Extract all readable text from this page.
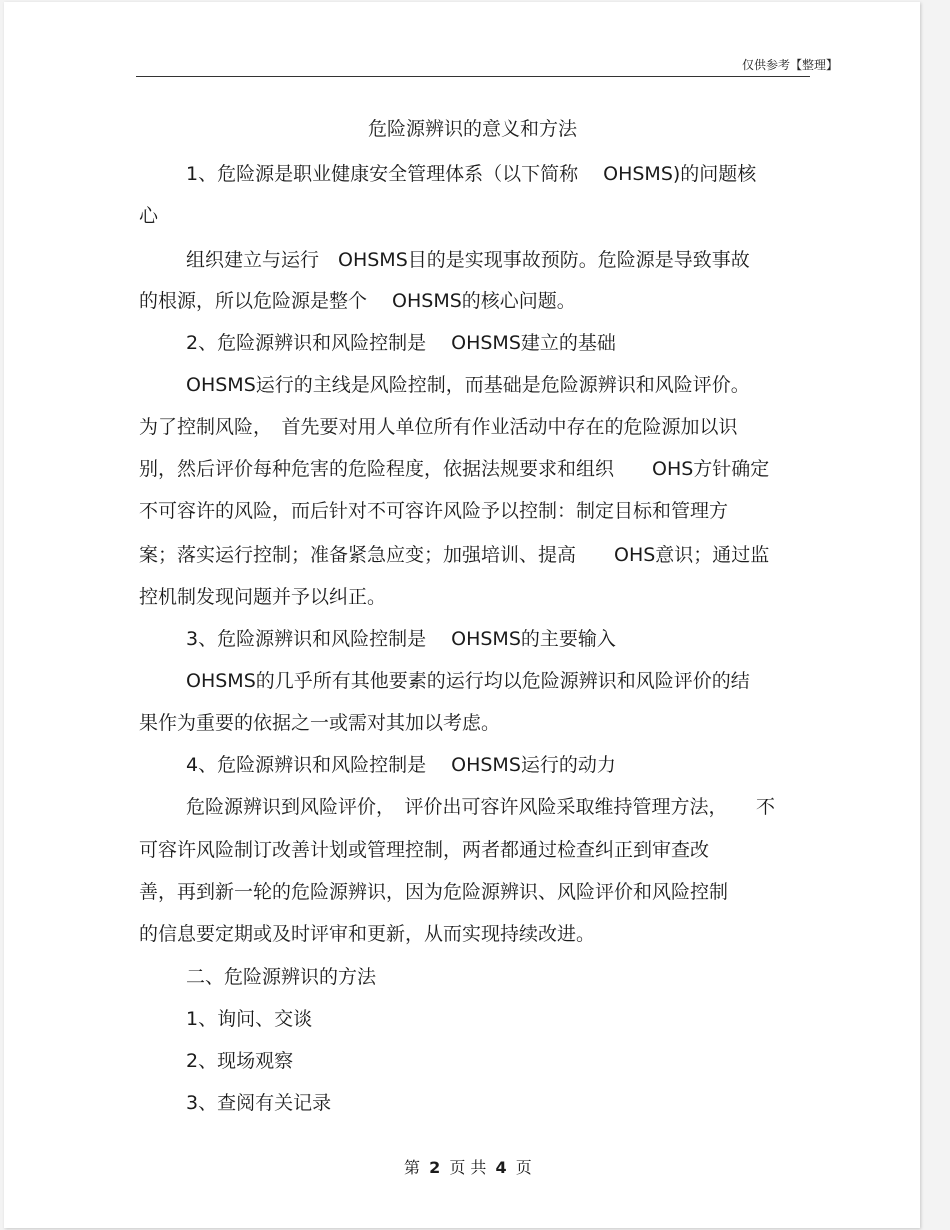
仅供参考【整理】
危险源辨识的意义和方法
1、危险源是职业健康安全管理体系（以下简称　 OHSMS)的问题核
心
组织建立与运行　OHSMS目的是实现事故预防。危险源是导致事故
的根源，所以危险源是整个　 OHSMS的核心问题。
2、危险源辨识和风险控制是　 OHSMS建立的基础
OHSMS运行的主线是风险控制，而基础是危险源辨识和风险评价。
为了控制风险，　首先要对用人单位所有作业活动中存在的危险源加以识
别，然后评价每种危害的危险程度，依据法规要求和组织　　OHS方针确定
不可容许的风险，而后针对不可容许风险予以控制：制定目标和管理方
案；落实运行控制；准备紧急应变；加强培训、提高　　OHS意识；通过监
控机制发现问题并予以纠正。
3、危险源辨识和风险控制是　 OHSMS的主要输入
OHSMS的几乎所有其他要素的运行均以危险源辨识和风险评价的结
果作为重要的依据之一或需对其加以考虑。
4、危险源辨识和风险控制是　 OHSMS运行的动力
危险源辨识到风险评价，　评价出可容许风险采取维持管理方法，　　不
可容许风险制订改善计划或管理控制，两者都通过检查纠正到审查改
善，再到新一轮的危险源辨识，因为危险源辨识、风险评价和风险控制
的信息要定期或及时评审和更新，从而实现持续改进。
二、危险源辨识的方法
1、询问、交谈
2、现场观察
3、查阅有关记录
第 2 页 共 4 页
